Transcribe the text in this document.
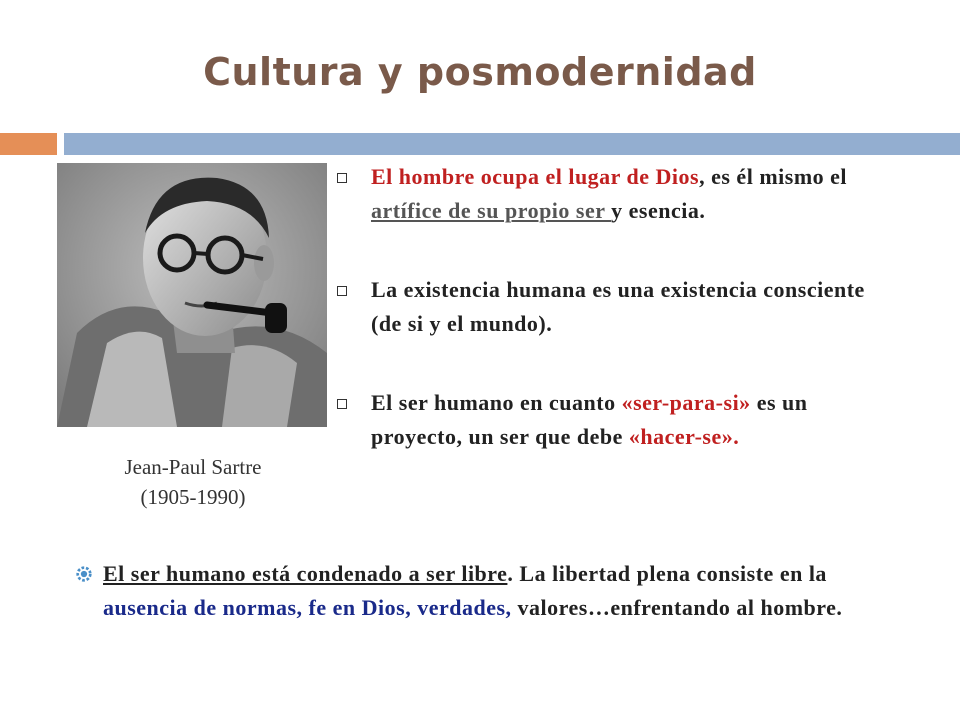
Cultura y posmodernidad
Jean-Paul Sartre
(1905-1990)
El hombre ocupa el lugar de Dios, es él mismo el artífice de su propio ser y esencia.
La existencia humana es una existencia consciente (de si y el mundo).
El ser humano en cuanto «ser-para-si» es un proyecto, un ser que debe «hacer-se».
El ser humano está condenado a ser libre. La libertad plena consiste en la ausencia de normas, fe en Dios, verdades, valores…enfrentando al hombre.
